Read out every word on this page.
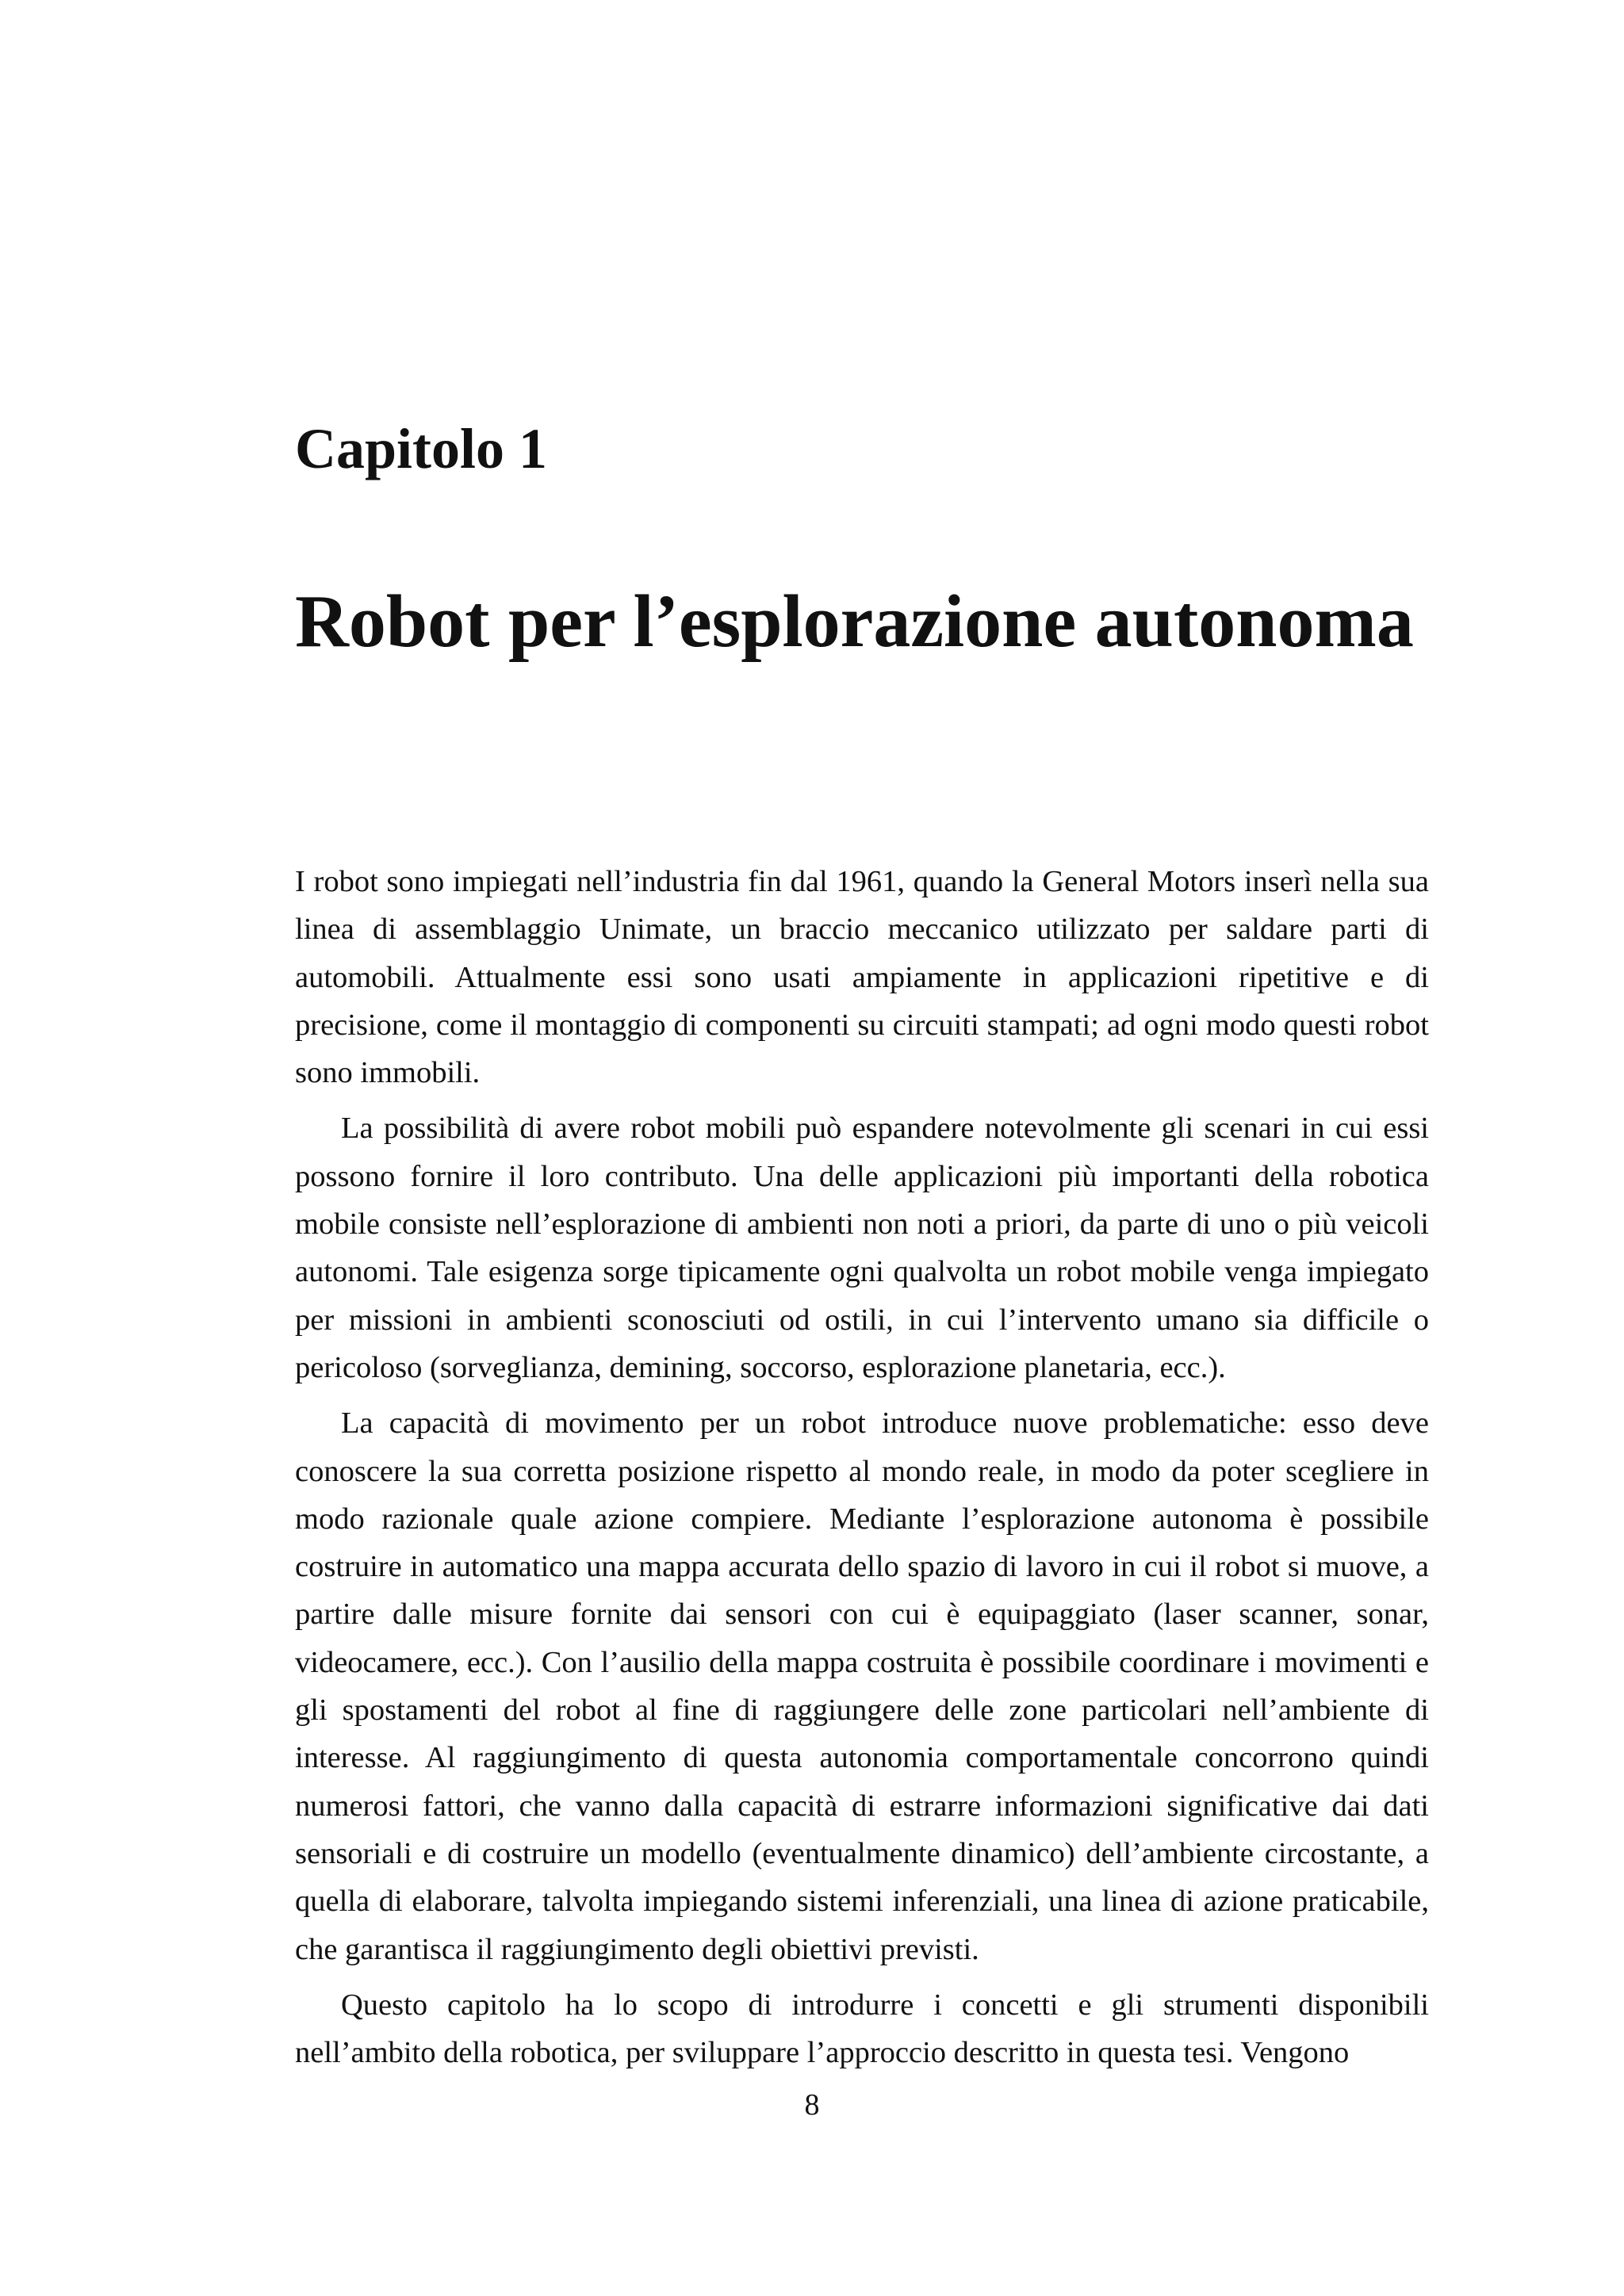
Capitolo 1
Robot per l’esplorazione autonoma

I robot sono impiegati nell’industria fin dal 1961, quando la General Motors inserì nella sua linea di assemblaggio Unimate, un braccio meccanico utilizzato per saldare parti di automobili. Attualmente essi sono usati ampiamente in applicazioni ripetitive e di precisione, come il montaggio di componenti su circuiti stampati; ad ogni modo questi robot sono immobili.

La possibilità di avere robot mobili può espandere notevolmente gli scenari in cui essi possono fornire il loro contributo. Una delle applicazioni più importanti della robotica mobile consiste nell’esplorazione di ambienti non noti a priori, da parte di uno o più veicoli autonomi. Tale esigenza sorge tipicamente ogni qualvolta un robot mobile venga impiegato per missioni in ambienti sconosciuti od ostili, in cui l’intervento umano sia difficile o pericoloso (sorveglianza, demining, soccorso, esplorazione planetaria, ecc.).

La capacità di movimento per un robot introduce nuove problematiche: esso deve conoscere la sua corretta posizione rispetto al mondo reale, in modo da poter scegliere in modo razionale quale azione compiere. Mediante l’esplorazione autonoma è possibile costruire in automatico una mappa accurata dello spazio di lavoro in cui il robot si muove, a partire dalle misure fornite dai sensori con cui è equipaggiato (laser scanner, sonar, videocamere, ecc.). Con l’ausilio della mappa costruita è possibile coordinare i movimenti e gli spostamenti del robot al fine di raggiungere delle zone particolari nell’ambiente di interesse. Al raggiungimento di questa autonomia comportamentale concorrono quindi numerosi fattori, che vanno dalla capacità di estrarre informazioni significative dai dati sensoriali e di costruire un modello (eventualmente dinamico) dell’ambiente circostante, a quella di elaborare, talvolta impiegando sistemi inferenziali, una linea di azione praticabile, che garantisca il raggiungimento degli obiettivi previsti.

Questo capitolo ha lo scopo di introdurre i concetti e gli strumenti disponibili nell’ambito della robotica, per sviluppare l’approccio descritto in questa tesi. Vengono

8
